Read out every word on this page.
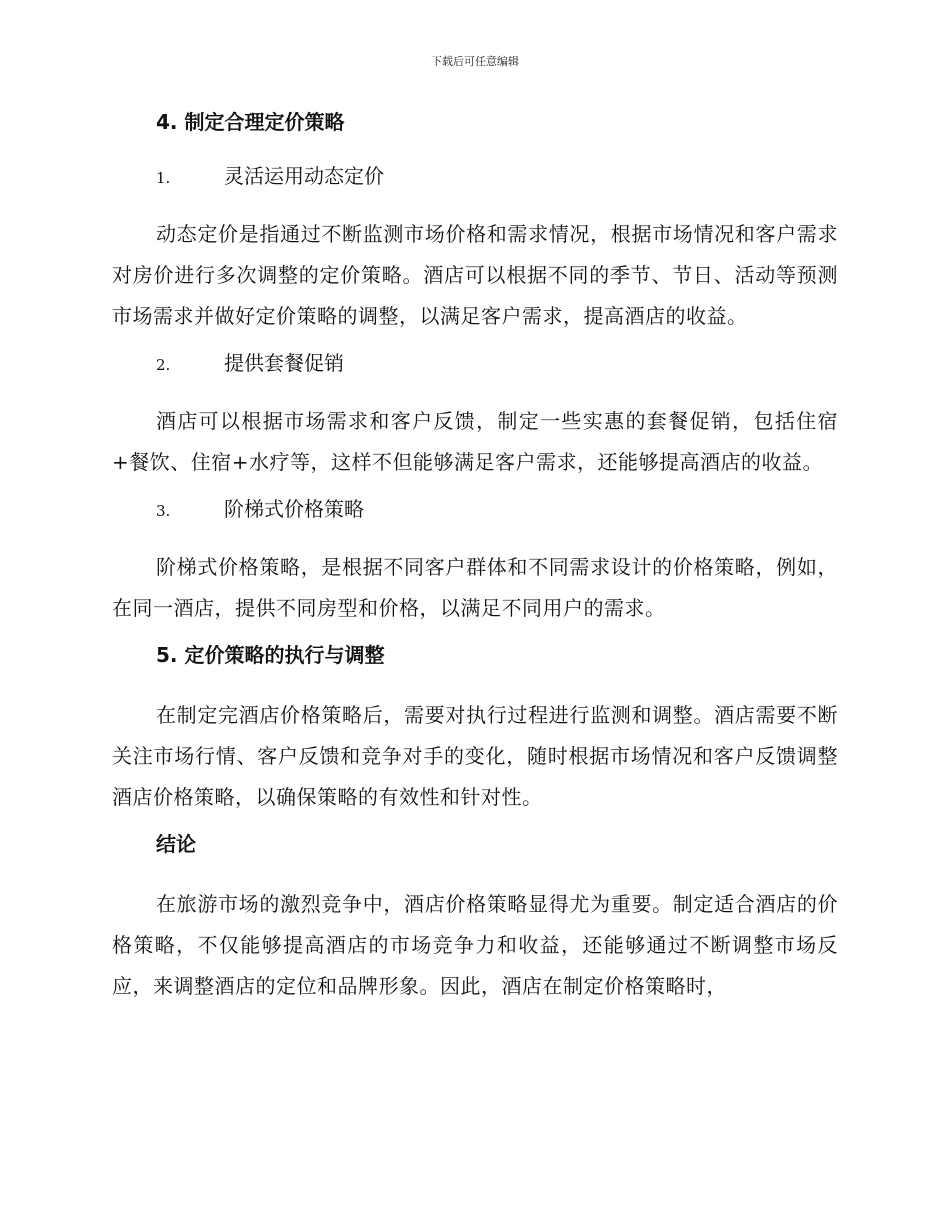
下载后可任意编辑
4. 制定合理定价策略
1.	灵活运用动态定价

动态定价是指通过不断监测市场价格和需求情况，根据市场情况和客户需求对房价进行多次调整的定价策略。酒店可以根据不同的季节、节日、活动等预测市场需求并做好定价策略的调整，以满足客户需求，提高酒店的收益。

2.	提供套餐促销

酒店可以根据市场需求和客户反馈，制定一些实惠的套餐促销，包括住宿+餐饮、住宿+水疗等，这样不但能够满足客户需求，还能够提高酒店的收益。

3.	阶梯式价格策略

阶梯式价格策略，是根据不同客户群体和不同需求设计的价格策略，例如，在同一酒店，提供不同房型和价格，以满足不同用户的需求。

5. 定价策略的执行与调整

在制定完酒店价格策略后，需要对执行过程进行监测和调整。酒店需要不断关注市场行情、客户反馈和竞争对手的变化，随时根据市场情况和客户反馈调整酒店价格策略，以确保策略的有效性和针对性。

结论

在旅游市场的激烈竞争中，酒店价格策略显得尤为重要。制定适合酒店的价格策略，不仅能够提高酒店的市场竞争力和收益，还能够通过不断调整市场反应，来调整酒店的定位和品牌形象。因此，酒店在制定价格策略时，
